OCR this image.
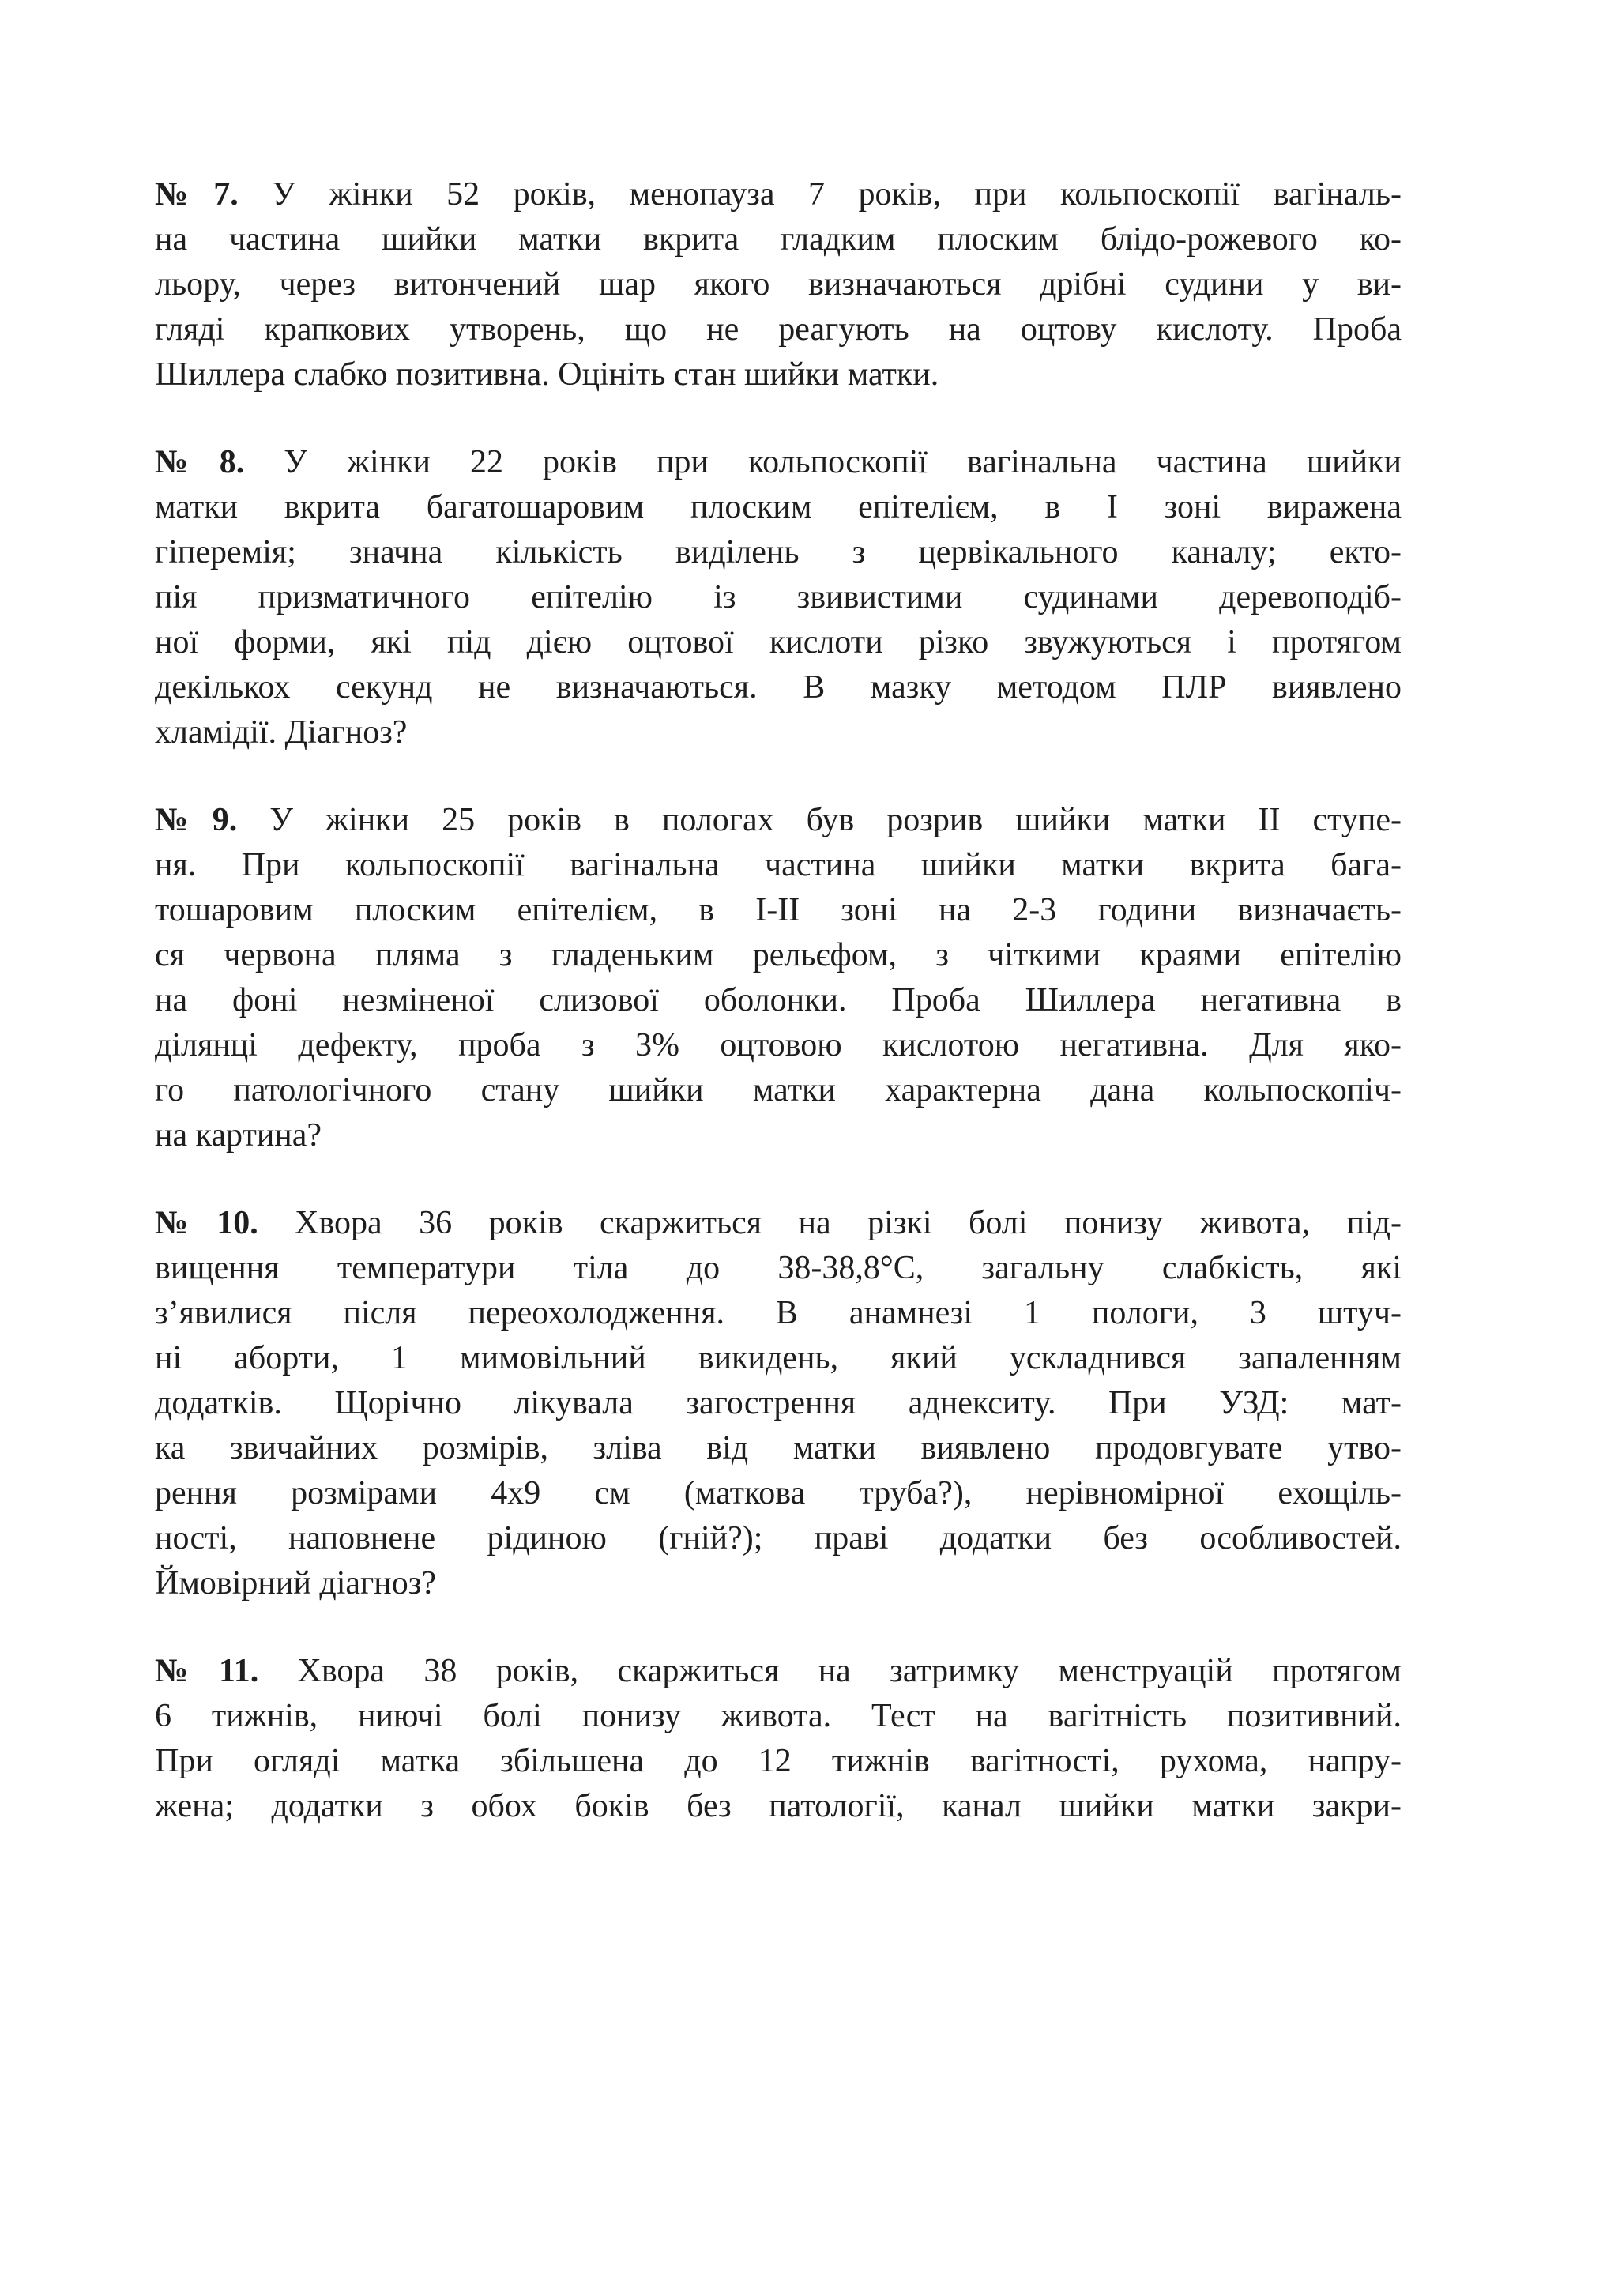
№7. У жінки 52 років, менопауза 7 років, при кольпоскопії вагіналь-
на частина шийки матки вкрита гладким плоским блідо-рожевого ко-
льору, через витончений шар якого визначаються дрібні судини у ви-
гляді крапкових утворень, що не реагують на оцтову кислоту. Проба
Шиллера слабко позитивна. Оцініть стан шийки матки.
№8. У жінки 22 років при кольпоскопії вагінальна частина шийки
матки вкрита багатошаровим плоским епітелієм, в І зоні виражена
гіперемія; значна кількість виділень з цервікального каналу; екто-
пія призматичного епітелію із звивистими судинами деревоподіб-
ної форми, які під дією оцтової кислоти різко звужуються і протягом
декількох секунд не визначаються. В мазку методом ПЛР виявлено
хламідії. Діагноз?
№9. У жінки 25 років в пологах був розрив шийки матки ІІ ступе-
ня. При кольпоскопії вагінальна частина шийки матки вкрита бага-
тошаровим плоским епітелієм, в І-ІІ зоні на 2-3 години визначаєть-
ся червона пляма з гладеньким рельєфом, з чіткими краями епітелію
на фоні незміненої слизової оболонки. Проба Шиллера негативна в
ділянці дефекту, проба з 3% оцтовою кислотою негативна. Для яко-
го патологічного стану шийки матки характерна дана кольпоскопіч-
на картина?
№10. Хвора 36 років скаржиться на різкі болі понизу живота, під-
вищення температури тіла до 38-38,8°С, загальну слабкість, які
з’явилися після переохолодження. В анамнезі 1 пологи, 3 штуч-
ні аборти, 1 мимовільний викидень, який ускладнився запаленням
додатків. Щорічно лікувала загострення аднекситу. При УЗД: мат-
ка звичайних розмірів, зліва від матки виявлено продовгувате утво-
рення розмірами 4х9 см (маткова труба?), нерівномірної ехощіль-
ності, наповнене рідиною (гній?); праві додатки без особливостей.
Ймовірний діагноз?
№11. Хвора 38 років, скаржиться на затримку менструацій протягом
6 тижнів, ниючі болі понизу живота. Тест на вагітність позитивний.
При огляді матка збільшена до 12 тижнів вагітності, рухома, напру-
жена; додатки з обох боків без патології, канал шийки матки закри-
